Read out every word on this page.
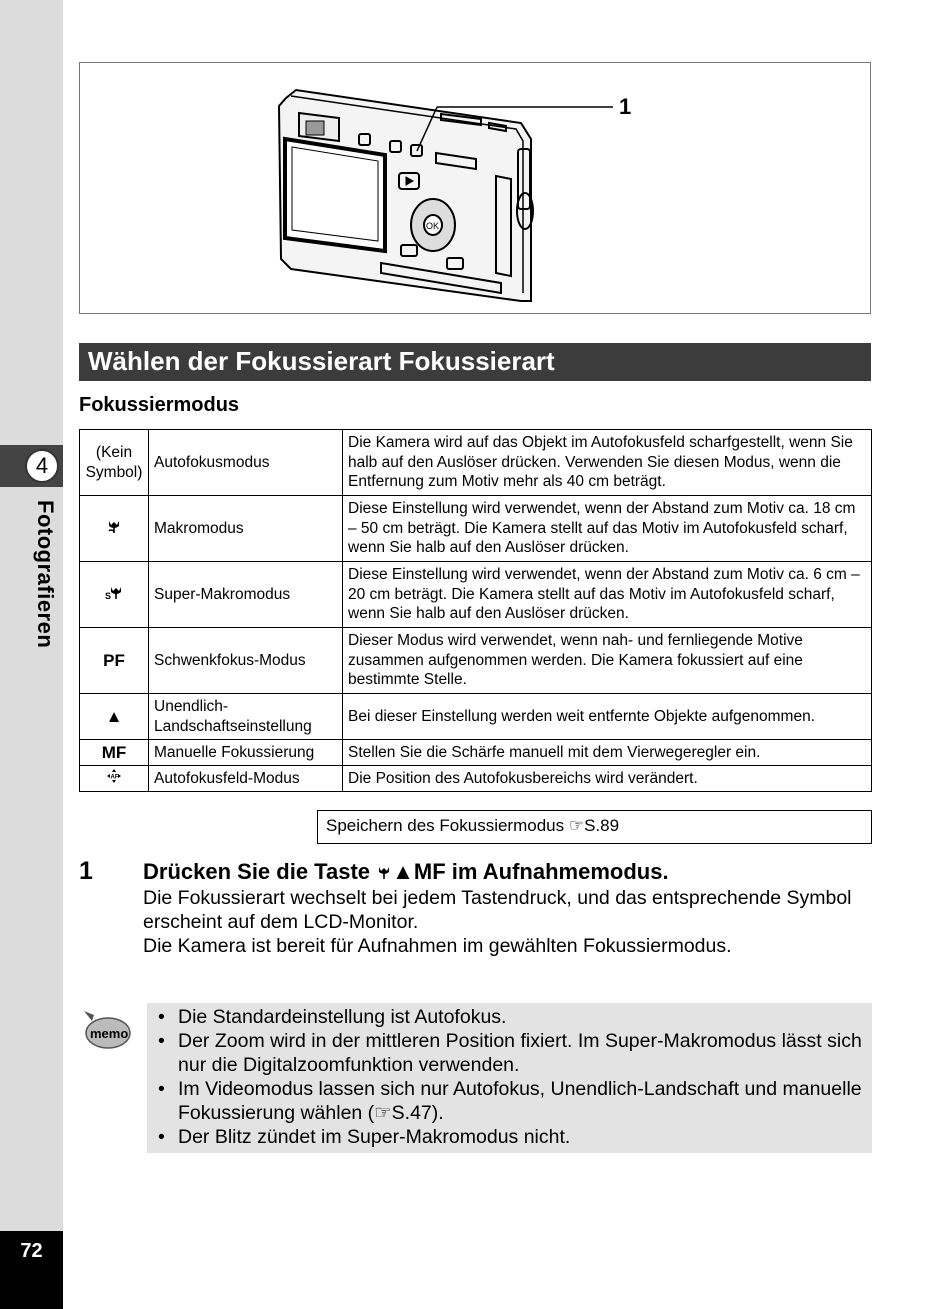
4
Fotografieren
72
OK
1
Wählen der Fokussierart Fokussierart
Fokussiermodus
(Kein Symbol)	Autofokusmodus	Die Kamera wird auf das Objekt im Autofokusfeld scharfgestellt, wenn Sie halb auf den Auslöser drücken. Verwenden Sie diesen Modus, wenn die Entfernung zum Motiv mehr als 40 cm beträgt.
	Makromodus	Diese Einstellung wird verwendet, wenn der Abstand zum Motiv ca. 18 cm – 50 cm beträgt. Die Kamera stellt auf das Motiv im Autofokusfeld scharf, wenn Sie halb auf den Auslöser drücken.

S	Super-Makromodus	Diese Einstellung wird verwendet, wenn der Abstand zum Motiv ca. 6 cm – 20 cm beträgt. Die Kamera stellt auf das Motiv im Autofokusfeld scharf, wenn Sie halb auf den Auslöser drücken.
PF	Schwenkfokus-Modus	Dieser Modus wird verwendet, wenn nah- und fernliegende Motive zusammen aufgenommen werden. Die Kamera fokussiert auf eine bestimmte Stelle.
▲	Unendlich-Landschaftseinstellung	Bei dieser Einstellung werden weit entfernte Objekte aufgenommen.
MF	Manuelle Fokussierung	Stellen Sie die Schärfe manuell mit dem Vierwegeregler ein.

AF	Autofokusfeld-Modus	Die Position des Autofokusbereichs wird verändert.
Speichern des Fokussiermodus ☞S.89
1 Drücken Sie die Taste ▲MF im Aufnahmemodus.

Die Fokussierart wechselt bei jedem Tastendruck, und das entsprechende Symbol erscheint auf dem LCD-Monitor.

Die Kamera ist bereit für Aufnahmen im gewählten Fokussiermodus.

memo
• Die Standardeinstellung ist Autofokus.
• Der Zoom wird in der mittleren Position fixiert. Im Super-Makromodus lässt sich nur die Digitalzoomfunktion verwenden.
• Im Videomodus lassen sich nur Autofokus, Unendlich-Landschaft und manuelle Fokussierung wählen (☞S.47).
• Der Blitz zündet im Super-Makromodus nicht.
